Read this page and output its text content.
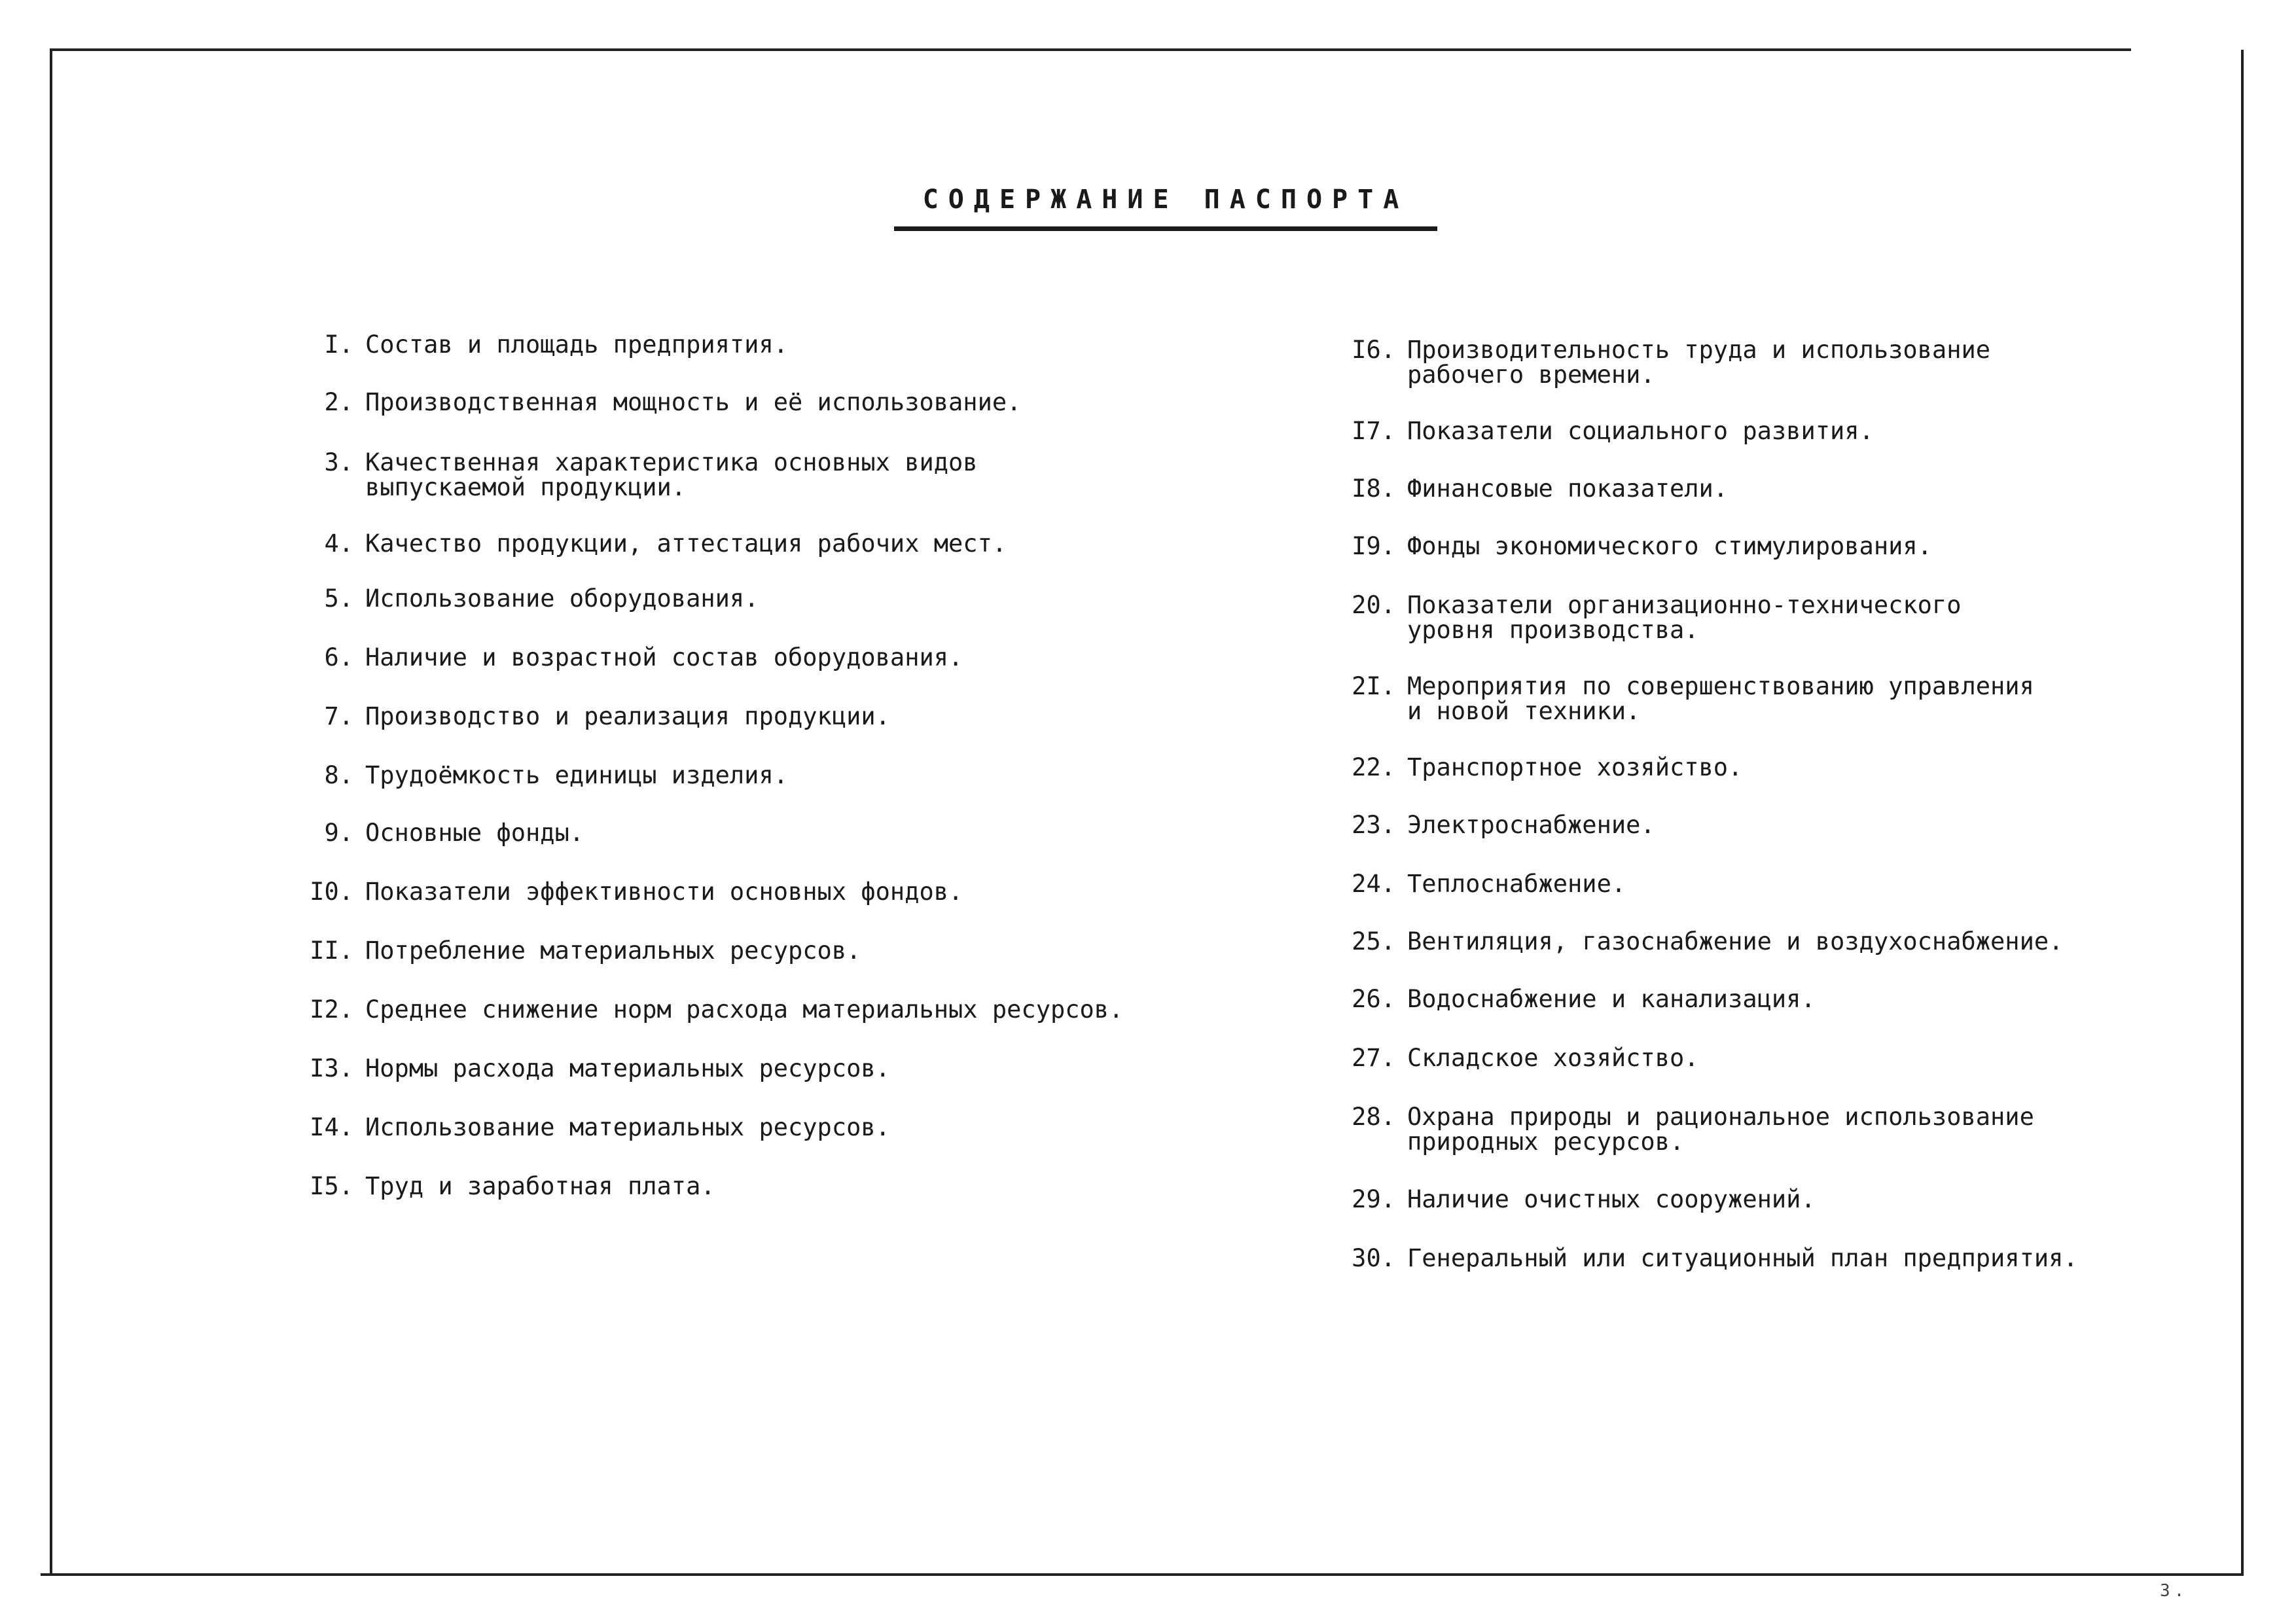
СОДЕРЖАНИЕ ПАСПОРТА
I. Состав и площадь предприятия.
2. Производственная мощность и её использование.
3. Качественная характеристика основных видов
выпускаемой продукции.
4. Качество продукции, аттестация рабочих мест.
5. Использование оборудования.
6. Наличие и возрастной состав оборудования.
7. Производство и реализация продукции.
8. Трудоёмкость единицы изделия.
9. Основные фонды.
I0. Показатели эффективности основных фондов.
II. Потребление материальных ресурсов.
I2. Среднее снижение норм расхода материальных ресурсов.
I3. Нормы расхода материальных ресурсов.
I4. Использование материальных ресурсов.
I5. Труд и заработная плата.
I6. Производительность труда и использование
рабочего времени.
I7. Показатели социального развития.
I8. Финансовые показатели.
I9. Фонды экономического стимулирования.
20. Показатели организационно-технического
уровня производства.
2I. Мероприятия по совершенствованию управления
и новой техники.
22. Транспортное хозяйство.
23. Электроснабжение.
24. Теплоснабжение.
25. Вентиляция, газоснабжение и воздухоснабжение.
26. Водоснабжение и канализация.
27. Складское хозяйство.
28. Охрана природы и рациональное использование
природных ресурсов.
29. Наличие очистных сооружений.
30. Генеральный или ситуационный план предприятия.
3.
